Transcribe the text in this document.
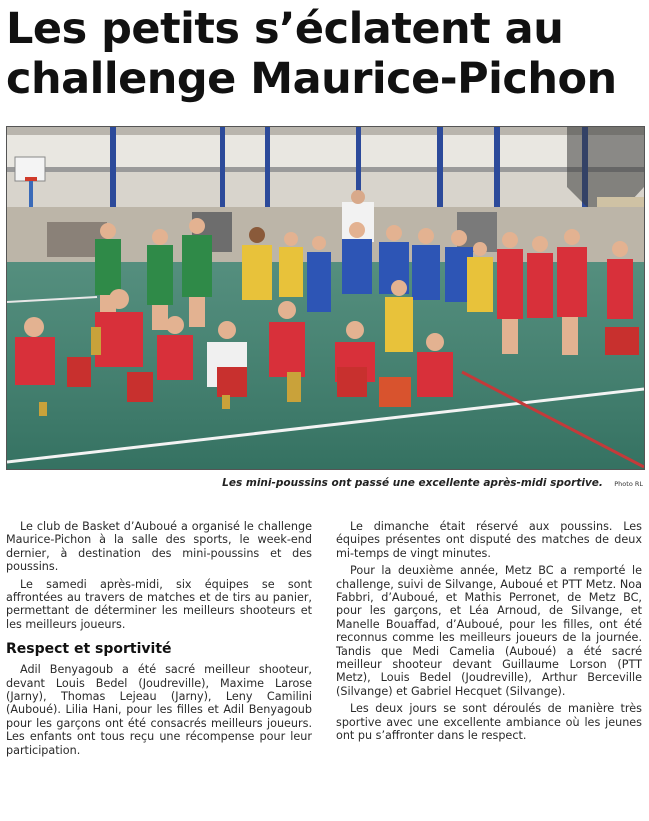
Les petits s’éclatent au challenge Maurice-Pichon
Les mini-poussins ont passé une excellente après-midi sportive. Photo RL

Le club de Basket d’Auboué a organisé le challenge Maurice-Pichon à la salle des sports, le week-end dernier, à destination des mini-poussins et des poussins.

Le samedi après-midi, six équipes se sont affrontées au travers de matches et de tirs au panier, permettant de déterminer les meilleurs shooteurs et les meilleurs joueurs.

Respect et sportivité

Adil Benyagoub a été sacré meilleur shooteur, devant Louis Bedel (Joudreville), Maxime Larose (Jarny), Thomas Lejeau (Jarny), Leny Camilini (Auboué). Lilia Hani, pour les filles et Adil Benyagoub pour les garçons ont été consacrés meilleurs joueurs. Les enfants ont tous reçu une récompense pour leur participation.

Le dimanche était réservé aux poussins. Les équipes présentes ont disputé des matches de deux mi-temps de vingt minutes.

Pour la deuxième année, Metz BC a remporté le challenge, suivi de Silvange, Auboué et PTT Metz. Noa Fabbri, d’Auboué, et Mathis Perronet, de Metz BC, pour les garçons, et Léa Arnoud, de Silvange, et Manelle Bouaffad, d’Auboué, pour les filles, ont été reconnus comme les meilleurs joueurs de la journée. Tandis que Medi Camelia (Auboué) a été sacré meilleur shooteur devant Guillaume Lorson (PTT Metz), Louis Bedel (Joudreville), Arthur Berceville (Silvange) et Gabriel Hecquet (Silvange).

Les deux jours se sont déroulés de manière très sportive avec une excellente ambiance où les jeunes ont pu s’affronter dans le respect.
